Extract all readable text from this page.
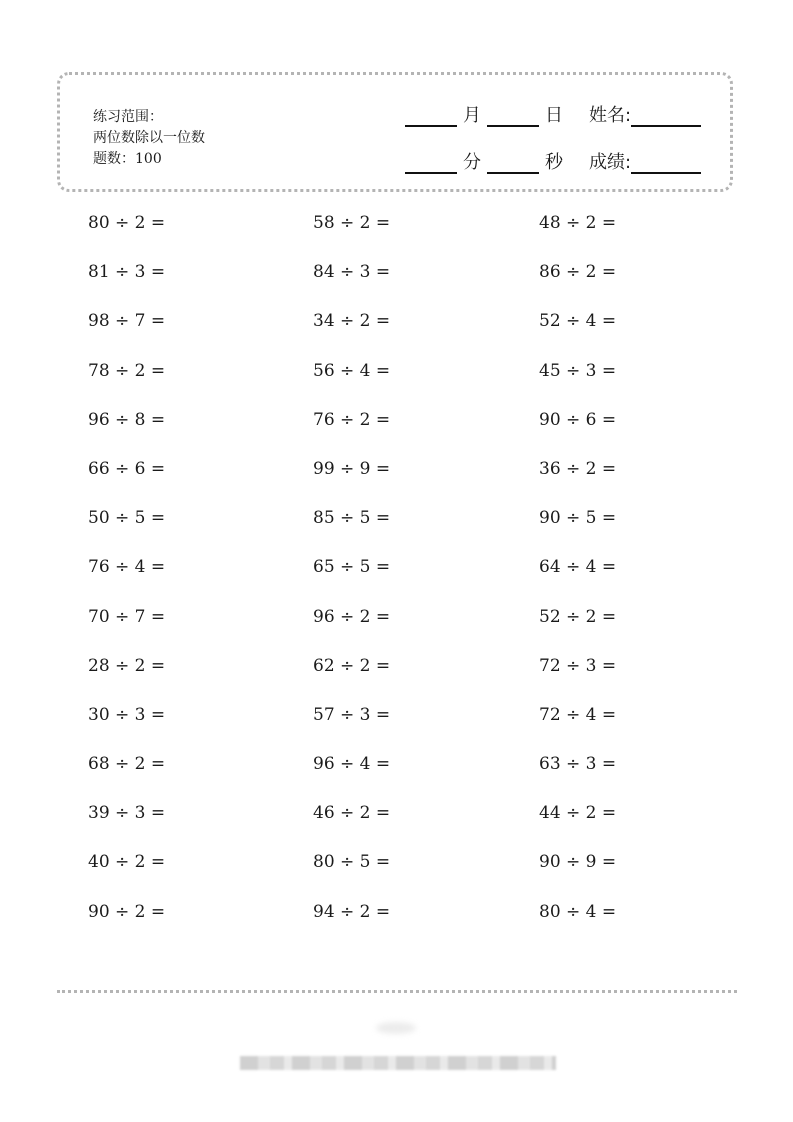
练习范围：
两位数除以一位数
题数：100
月	日 姓名:
分	秒 成绩:
80 ÷ 2 =	58 ÷ 2 =	48 ÷ 2 =
81 ÷ 3 =	84 ÷ 3 =	86 ÷ 2 =
98 ÷ 7 =	34 ÷ 2 =	52 ÷ 4 =
78 ÷ 2 =	56 ÷ 4 =	45 ÷ 3 =
96 ÷ 8 =	76 ÷ 2 =	90 ÷ 6 =
66 ÷ 6 =	99 ÷ 9 =	36 ÷ 2 =
50 ÷ 5 =	85 ÷ 5 =	90 ÷ 5 =
76 ÷ 4 =	65 ÷ 5 =	64 ÷ 4 =
70 ÷ 7 =	96 ÷ 2 =	52 ÷ 2 =
28 ÷ 2 =	62 ÷ 2 =	72 ÷ 3 =
30 ÷ 3 =	57 ÷ 3 =	72 ÷ 4 =
68 ÷ 2 =	96 ÷ 4 =	63 ÷ 3 =
39 ÷ 3 =	46 ÷ 2 =	44 ÷ 2 =
40 ÷ 2 =	80 ÷ 5 =	90 ÷ 9 =
90 ÷ 2 =	94 ÷ 2 =	80 ÷ 4 =
